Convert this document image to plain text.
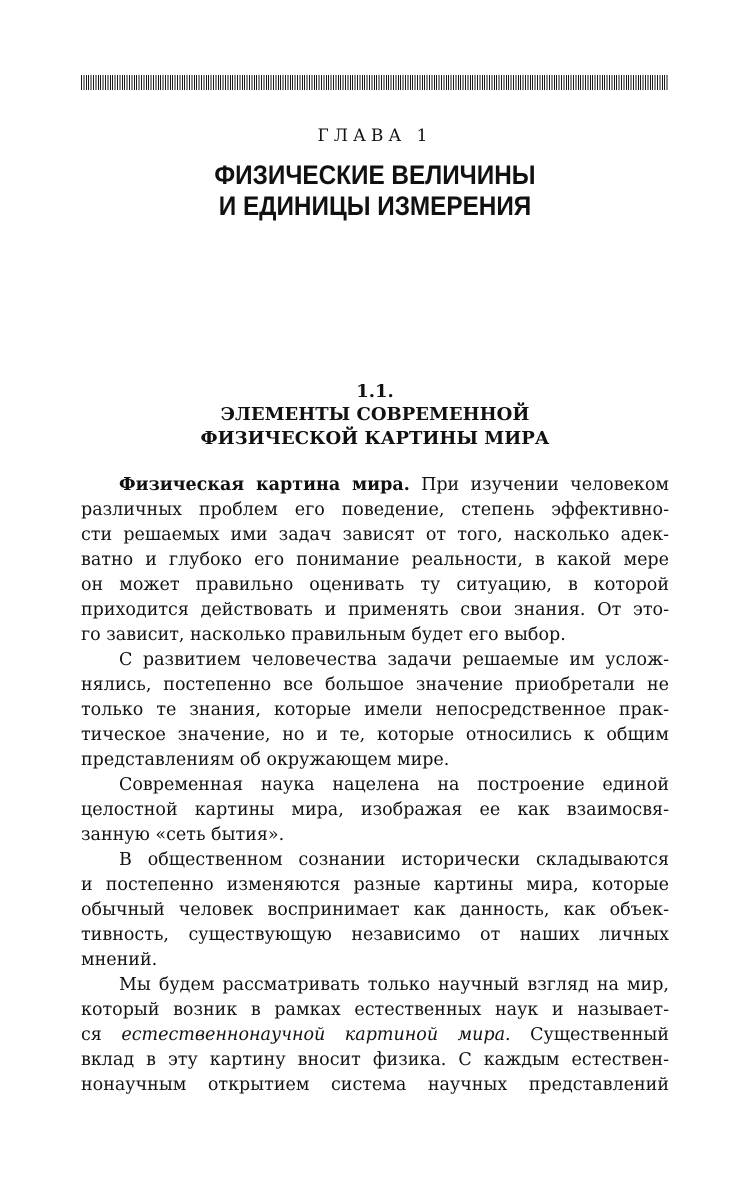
ГЛАВА 1
ФИЗИЧЕСКИЕ ВЕЛИЧИНЫ
И ЕДИНИЦЫ ИЗМЕРЕНИЯ
1.1.
ЭЛЕМЕНТЫ СОВРЕМЕННОЙ
ФИЗИЧЕСКОЙ КАРТИНЫ МИРА
Физическая картина мира. При изучении человеком
различных проблем его поведение, степень эффективно-
сти решаемых ими задач зависят от того, насколько адек-
ватно и глубоко его понимание реальности, в какой мере
он может правильно оценивать ту ситуацию, в которой
приходится действовать и применять свои знания. От это-
го зависит, насколько правильным будет его выбор.
С развитием человечества задачи решаемые им услож-
нялись, постепенно все большое значение приобретали не
только те знания, которые имели непосредственное прак-
тическое значение, но и те, которые относились к общим
представлениям об окружающем мире.
Современная наука нацелена на построение единой
целостной картины мира, изображая ее как взаимосвя-
занную «сеть бытия».
В общественном сознании исторически складываются
и постепенно изменяются разные картины мира, которые
обычный человек воспринимает как данность, как объек-
тивность, существующую независимо от наших личных
мнений.
Мы будем рассматривать только научный взгляд на мир,
который возник в рамках естественных наук и называет-
ся естественнонаучной картиной мира. Существенный
вклад в эту картину вносит физика. С каждым естествен-
нонаучным открытием система научных представлений
